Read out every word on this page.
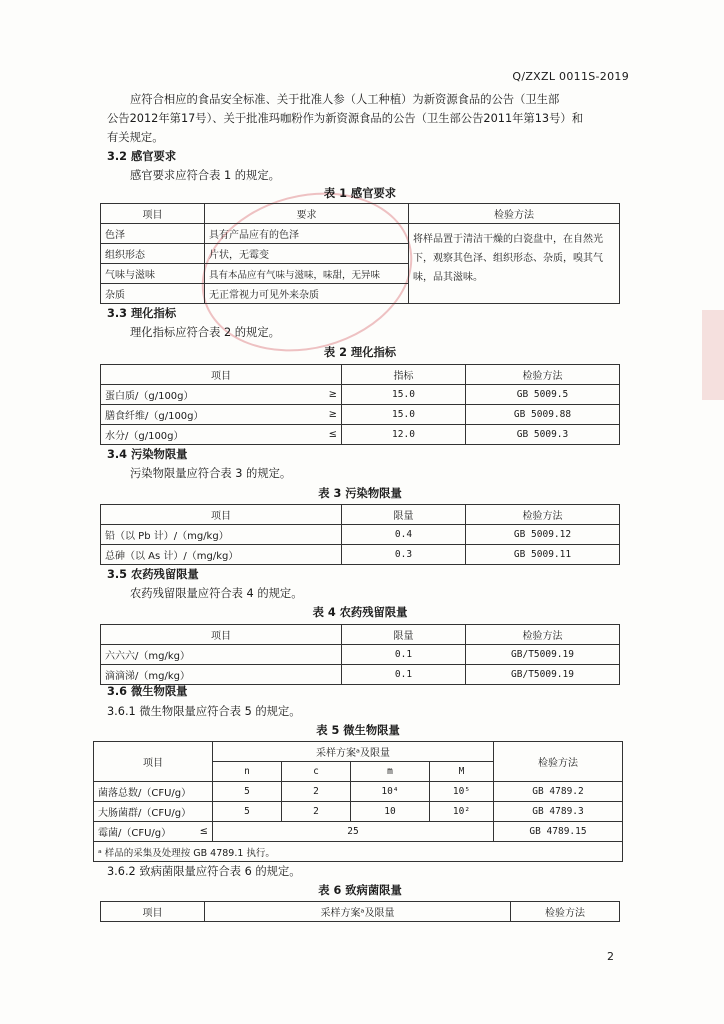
Q/ZXZL 0011S-2019
应符合相应的食品安全标准、关于批准人参（人工种植）为新资源食品的公告（卫生部
公告2012年第17号）、关于批准玛咖粉作为新资源食品的公告（卫生部公告2011年第13号）和
有关规定。
3.2 感官要求
感官要求应符合表 1 的规定。
表 1 感官要求
项目	要求	检验方法
色泽	具有产品应有的色泽	将样品置于清洁干燥的白瓷盘中，在自然光下，观察其色泽、组织形态、杂质，嗅其气味，品其滋味。
组织形态	片状，无霉变	
气味与滋味	具有本品应有气味与滋味，味甜，无异味	
杂质	无正常视力可见外来杂质	
3.3 理化指标
理化指标应符合表 2 的规定。
表 2 理化指标
项目		指标	检验方法
蛋白质/（g/100g）	≥	15.0	GB 5009.5
膳食纤维/（g/100g）	≥	15.0	GB 5009.88
水分/（g/100g）	≤	12.0	GB 5009.3
3.4 污染物限量
污染物限量应符合表 3 的规定。
表 3 污染物限量
项目	限量	检验方法
铅（以 Pb 计）/（mg/kg）	0.4	GB 5009.12
总砷（以 As 计）/（mg/kg）	0.3	GB 5009.11
3.5 农药残留限量
农药残留限量应符合表 4 的规定。
表 4 农药残留限量
项目	限量	检验方法
六六六/（mg/kg）	0.1	GB/T5009.19
滴滴涕/（mg/kg）	0.1	GB/T5009.19
3.6 微生物限量
3.6.1 微生物限量应符合表 5 的规定。
表 5 微生物限量
项目		采样方案ᵃ及限量				检验方法
		n	c	m	M	
菌落总数/（CFU/g）		5	2	10⁴	10⁵	GB 4789.2
大肠菌群/（CFU/g）		5	2	10	10²	GB 4789.3
霉菌/（CFU/g）	≤	25				GB 4789.15
ᵃ 样品的采集及处理按 GB 4789.1 执行。						
3.6.2 致病菌限量应符合表 6 的规定。
表 6 致病菌限量
项目	采样方案ᵃ及限量	检验方法
2
